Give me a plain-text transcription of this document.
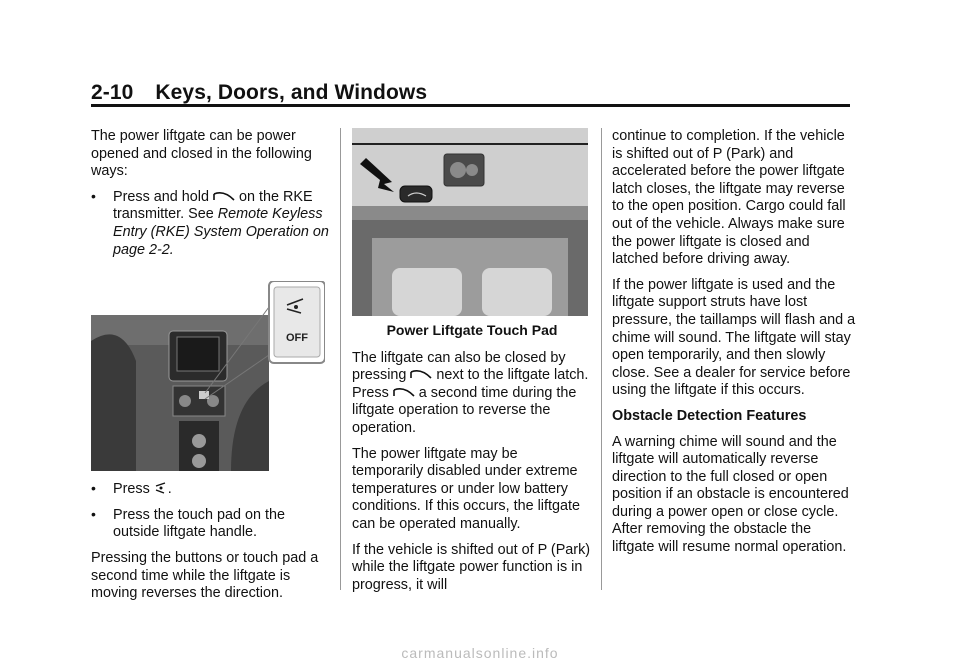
2-10 Keys, Doors, and Windows

The power liftgate can be power opened and closed in the following ways:

• Press and hold on the RKE transmitter. See Remote Keyless Entry (RKE) System Operation on page 2-2.
OFF
• Press .
• Press the touch pad on the outside liftgate handle.

Pressing the buttons or touch pad a second time while the liftgate is moving reverses the direction.

Power Liftgate Touch Pad

The liftgate can also be closed by pressing next to the liftgate latch. Press a second time during the liftgate operation to reverse the operation.

The power liftgate may be temporarily disabled under extreme temperatures or under low battery conditions. If this occurs, the liftgate can be operated manually.

If the vehicle is shifted out of P (Park) while the liftgate power function is in progress, it will

continue to completion. If the vehicle is shifted out of P (Park) and accelerated before the power liftgate latch closes, the liftgate may reverse to the open position. Cargo could fall out of the vehicle. Always make sure the power liftgate is closed and latched before driving away.

If the power liftgate is used and the liftgate support struts have lost pressure, the taillamps will flash and a chime will sound. The liftgate will stay open temporarily, and then slowly close. See a dealer for service before using the liftgate if this occurs.

Obstacle Detection Features

A warning chime will sound and the liftgate will automatically reverse direction to the full closed or open position if an obstacle is encountered during a power open or close cycle. After removing the obstacle the liftgate will resume normal operation.

carmanualsonline.info
